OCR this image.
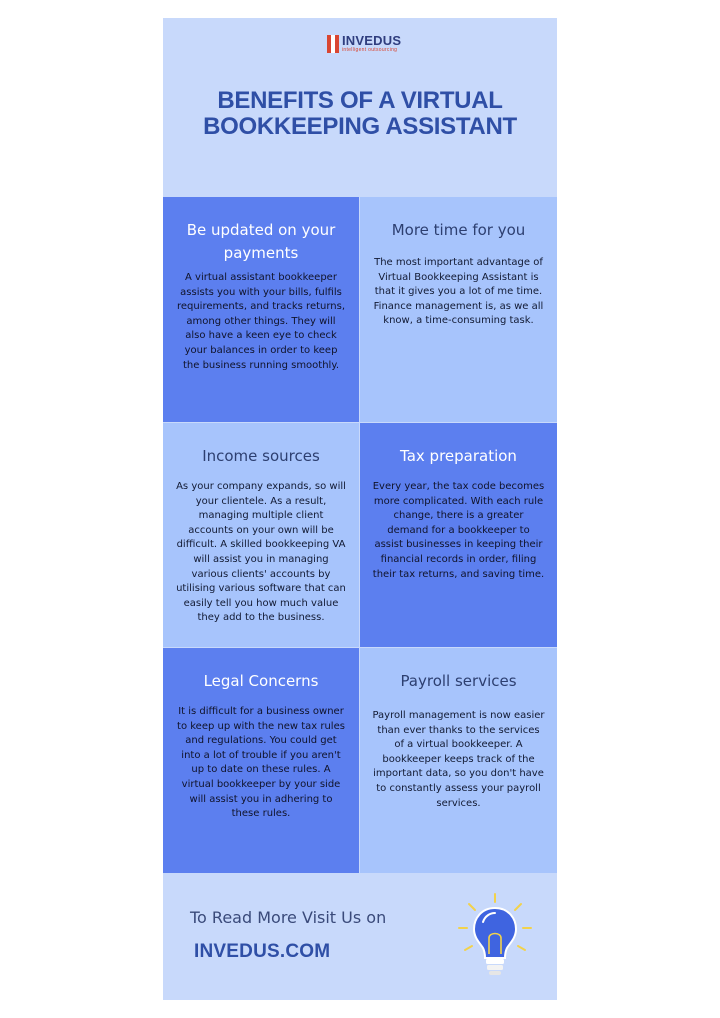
INVEDUS
intelligent outsourcing
BENEFITS OF A VIRTUAL
BOOKKEEPING ASSISTANT
Be updated on your payments
A virtual assistant bookkeeper assists you with your bills, fulfils requirements, and tracks returns, among other things. They will also have a keen eye to check your balances in order to keep the business running smoothly.
More time for you
The most important advantage of Virtual Bookkeeping Assistant is that it gives you a lot of me time. Finance management is, as we all know, a time-consuming task.
Income sources
As your company expands, so will your clientele. As a result, managing multiple client accounts on your own will be difficult. A skilled bookkeeping VA will assist you in managing various clients' accounts by utilising various software that can easily tell you how much value they add to the business.
Tax preparation
Every year, the tax code becomes more complicated. With each rule change, there is a greater demand for a bookkeeper to assist businesses in keeping their financial records in order, filing their tax returns, and saving time.
Legal Concerns
It is difficult for a business owner to keep up with the new tax rules and regulations. You could get into a lot of trouble if you aren't up to date on these rules. A virtual bookkeeper by your side will assist you in adhering to these rules.
Payroll services
Payroll management is now easier than ever thanks to the services of a virtual bookkeeper. A bookkeeper keeps track of the important data, so you don't have to constantly assess your payroll services.
To Read More Visit Us on
INVEDUS.COM
